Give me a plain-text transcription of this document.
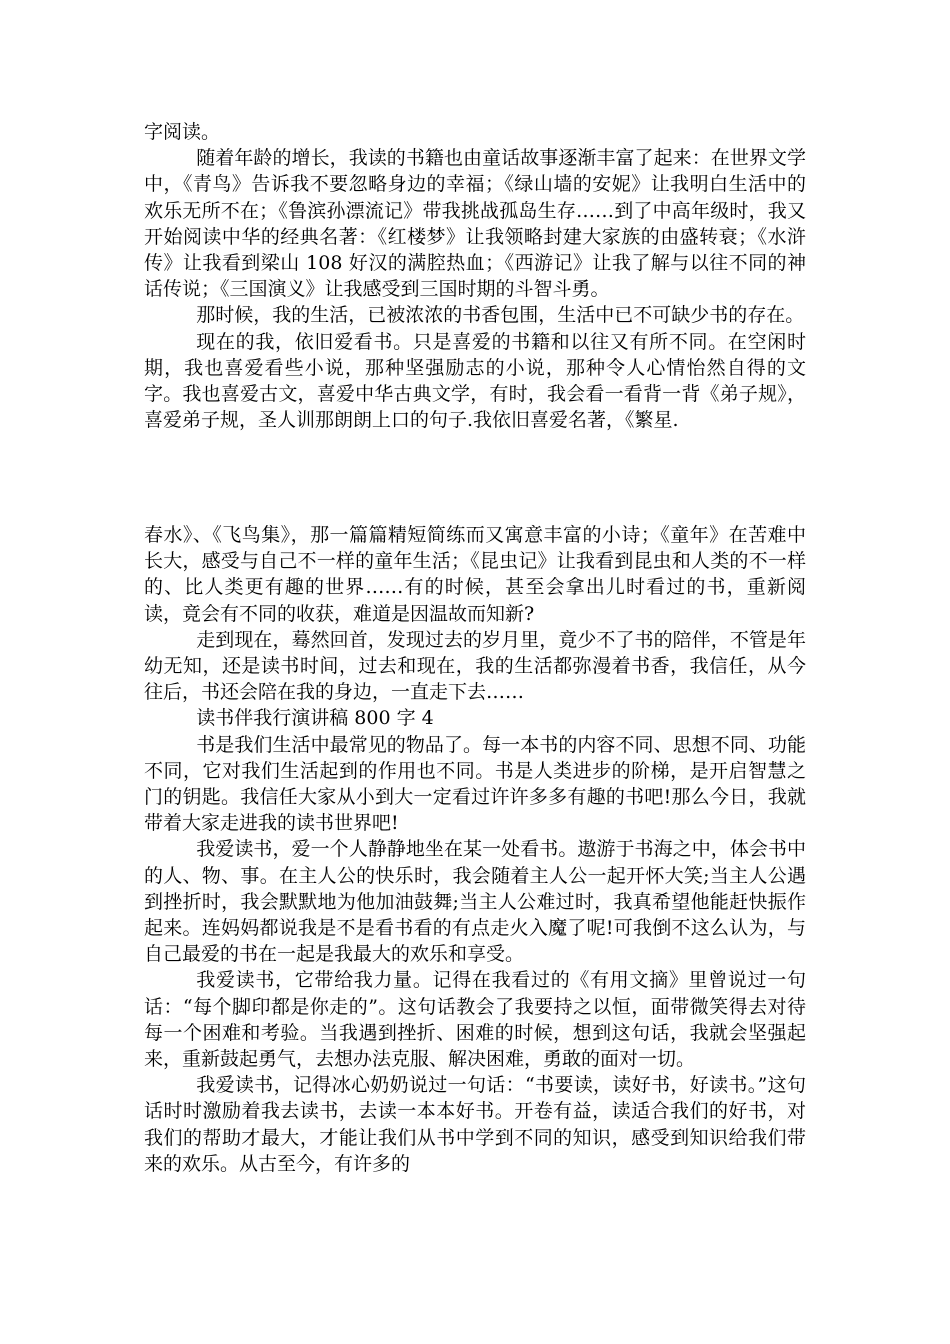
字阅读。

随着年龄的增长，我读的书籍也由童话故事逐渐丰富了起来：在世界文学中，《青鸟》告诉我不要忽略身边的幸福；《绿山墙的安妮》让我明白生活中的欢乐无所不在；《鲁滨孙漂流记》带我挑战孤岛生存……到了中高年级时，我又开始阅读中华的经典名著：《红楼梦》让我领略封建大家族的由盛转衰；《水浒传》让我看到梁山 108 好汉的满腔热血；《西游记》让我了解与以往不同的神话传说；《三国演义》让我感受到三国时期的斗智斗勇。

那时候，我的生活，已被浓浓的书香包围，生活中已不可缺少书的存在。

现在的我，依旧爱看书。只是喜爱的书籍和以往又有所不同。在空闲时期，我也喜爱看些小说，那种坚强励志的小说，那种令人心情怡然自得的文字。我也喜爱古文，喜爱中华古典文学，有时，我会看一看背一背《弟子规》，喜爱弟子规，圣人训那朗朗上口的句子.我依旧喜爱名著，《繁星.

春水》、《飞鸟集》，那一篇篇精短简练而又寓意丰富的小诗；《童年》在苦难中长大，感受与自己不一样的童年生活；《昆虫记》让我看到昆虫和人类的不一样的、比人类更有趣的世界……有的时候，甚至会拿出儿时看过的书，重新阅读，竟会有不同的收获，难道是因温故而知新?

走到现在，蓦然回首，发现过去的岁月里，竟少不了书的陪伴，不管是年幼无知，还是读书时间，过去和现在，我的生活都弥漫着书香，我信任，从今往后，书还会陪在我的身边，一直走下去……

读书伴我行演讲稿 800 字 4

书是我们生活中最常见的物品了。每一本书的内容不同、思想不同、功能不同，它对我们生活起到的作用也不同。书是人类进步的阶梯，是开启智慧之门的钥匙。我信任大家从小到大一定看过许许多多有趣的书吧!那么今日，我就带着大家走进我的读书世界吧!

我爱读书，爱一个人静静地坐在某一处看书。遨游于书海之中，体会书中的人、物、事。在主人公的快乐时，我会随着主人公一起开怀大笑;当主人公遇到挫折时，我会默默地为他加油鼓舞;当主人公难过时，我真希望他能赶快振作起来。连妈妈都说我是不是看书看的有点走火入魔了呢!可我倒不这么认为，与自己最爱的书在一起是我最大的欢乐和享受。

我爱读书，它带给我力量。记得在我看过的《有用文摘》里曾说过一句话：“每个脚印都是你走的”。这句话教会了我要持之以恒，面带微笑得去对待每一个困难和考验。当我遇到挫折、困难的时候，想到这句话，我就会坚强起来，重新鼓起勇气，去想办法克服、解决困难，勇敢的面对一切。

我爱读书，记得冰心奶奶说过一句话：“书要读，读好书，好读书。”这句话时时激励着我去读书，去读一本本好书。开卷有益，读适合我们的好书，对我们的帮助才最大，才能让我们从书中学到不同的知识，感受到知识给我们带来的欢乐。从古至今，有许多的
